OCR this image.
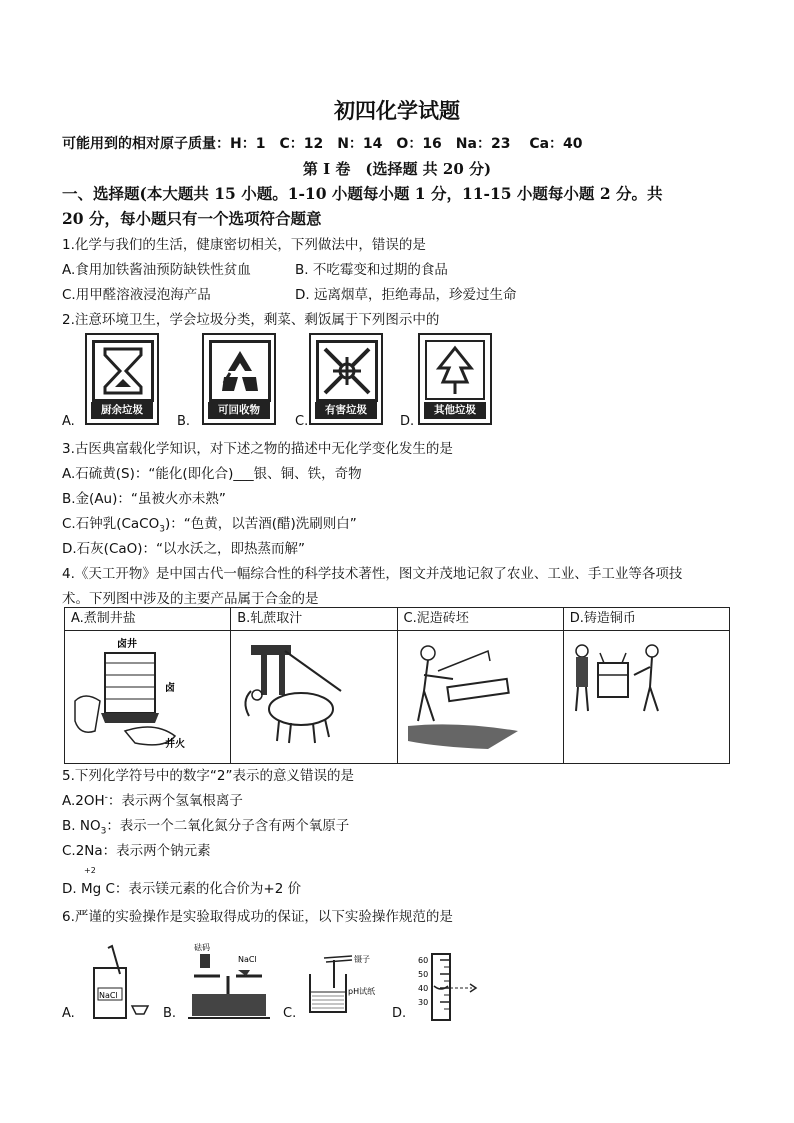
初四化学试题
可能用到的相对原子质量：H：1　C：12　N：14　O：16　Na：23　 Ca：40
第 I 卷　(选择题 共 20 分)
一、选择题(本大题共 15 小题。1-10 小题每小题 1 分，11-15 小题每小题 2 分。共
20 分，每小题只有一个选项符合题意
1.化学与我们的生活，健康密切相关，下列做法中，错误的是
A.食用加铁酱油预防缺铁性贫血	B. 不吃霉变和过期的食品
C.用甲醛溶液浸泡海产品	D. 远离烟草，拒绝毒品，珍爱过生命
2.注意环境卫生，学会垃圾分类，剩菜、剩饭属于下列图示中的
A.
厨余垃圾
B.
可回收物
C.
有害垃圾
D.
其他垃圾
3.古医典富载化学知识，对下述之物的描述中无化学变化发生的是
A.石硫黄(S)：“能化(即化合)___银、铜、铁，奇物
B.金(Au)：“虽被火亦未熟”
C.石钟乳(CaCO$_3$)：“色黄，以苦酒(醋)洗刷则白”
D.石灰(CaO)：“以水沃之，即热蒸而解”
4.《天工开物》是中国古代一幅综合性的科学技术著性，图文并茂地记叙了农业、工业、手工业等各项技
术。下列图中涉及的主要产品属于合金的是
A.煮制井盐	B.轧蔗取汁	C.泥造砖坯	D.铸造铜币

卤井
卤
井火

5.下列化学符号中的数字“2”表示的意义错误的是
A.2OH-：表示两个氢氧根离子
B. $NO_3$：表示一个二氧化氮分子含有两个氧原子
C.2Na：表示两个钠元素
+2
D. Mg C：表示镁元素的化合价为+2 价
6.严谨的实验操作是实验取得成功的保证，以下实验操作规范的是
A.
NaCl
B.
砝码
NaCl
C.
镊子
pH试纸
D.
60
50
40
30
